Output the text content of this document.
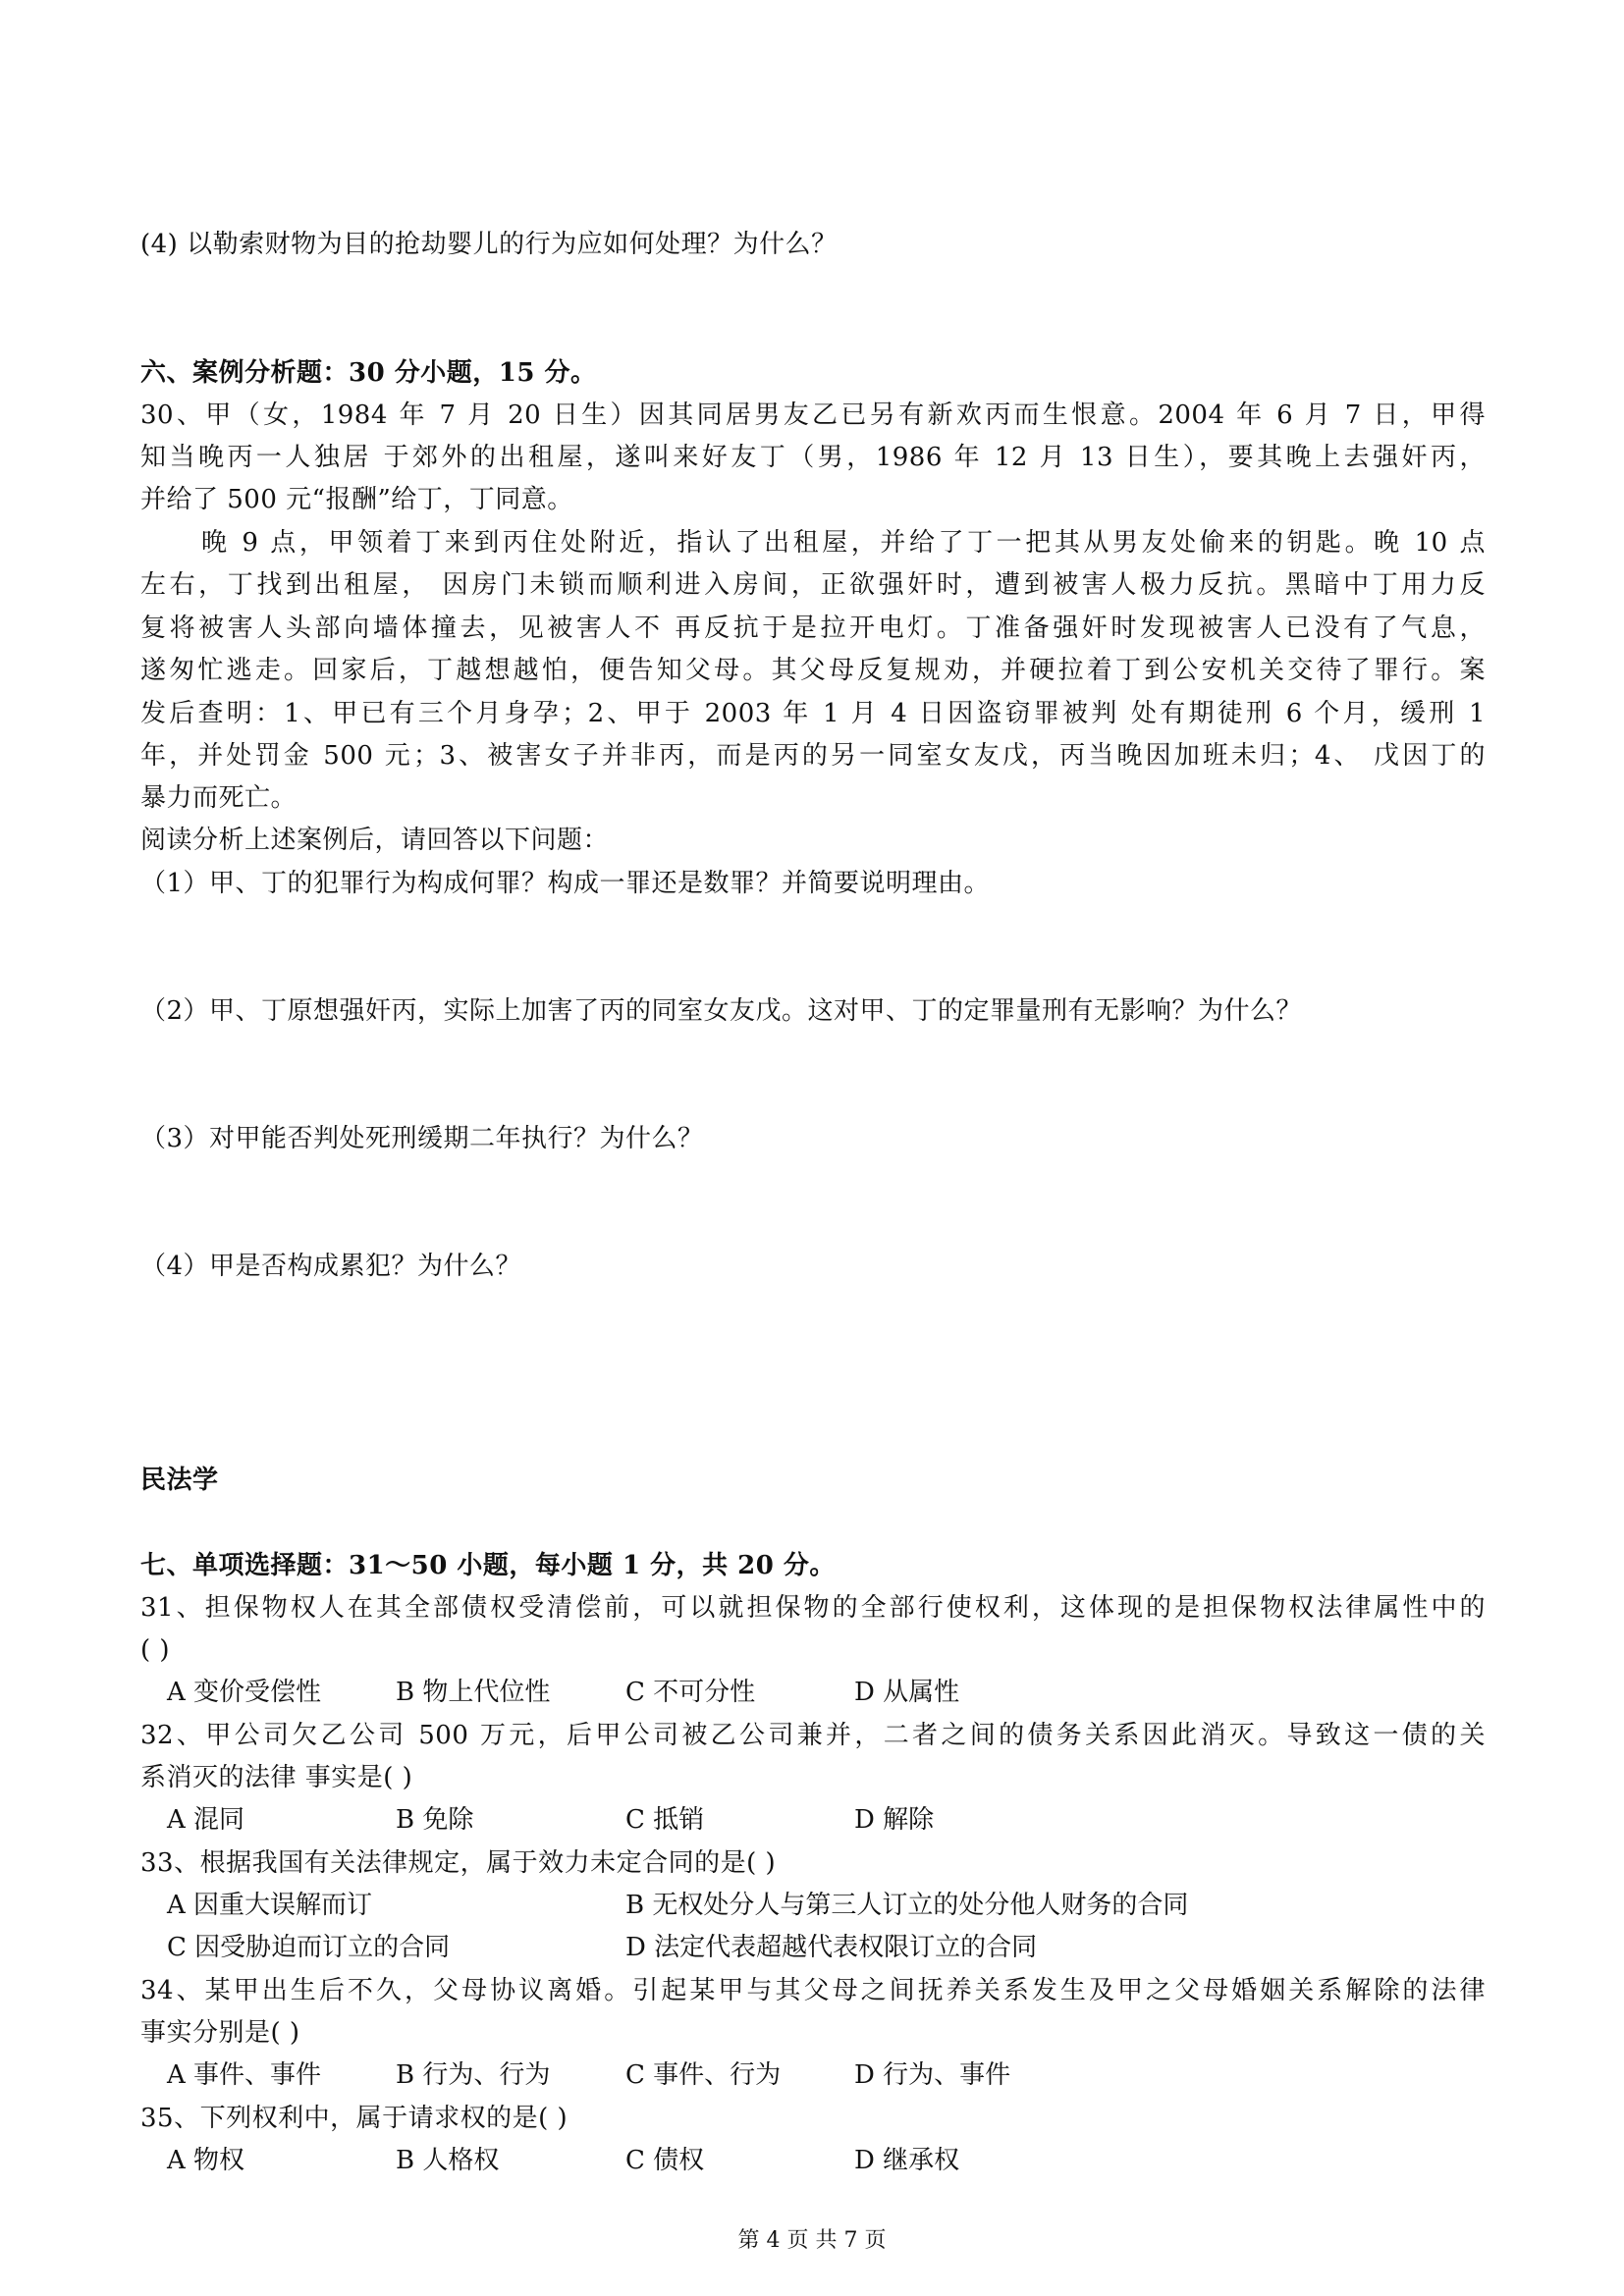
(4) 以勒索财物为目的抢劫婴儿的行为应如何处理？为什么？
六、案例分析题：30 分小题，15 分。
30、甲（女，1984 年 7 月 20 日生）因其同居男友乙已另有新欢丙而生恨意。2004 年 6 月 7 日，甲得
知当晚丙一人独居 于郊外的出租屋，遂叫来好友丁（男，1986 年 12 月 13 日生），要其晚上去强奸丙，
并给了 500 元“报酬”给丁，丁同意。
晚 9 点，甲领着丁来到丙住处附近，指认了出租屋，并给了丁一把其从男友处偷来的钥匙。晚 10 点
左右，丁找到出租屋， 因房门未锁而顺利进入房间，正欲强奸时，遭到被害人极力反抗。黑暗中丁用力反
复将被害人头部向墙体撞去，见被害人不 再反抗于是拉开电灯。丁准备强奸时发现被害人已没有了气息，
遂匆忙逃走。回家后，丁越想越怕，便告知父母。其父母反复规劝，并硬拉着丁到公安机关交待了罪行。案
发后查明：1、甲已有三个月身孕；2、甲于 2003 年 1 月 4 日因盗窃罪被判 处有期徒刑 6 个月，缓刑 1
年，并处罚金 500 元；3、被害女子并非丙，而是丙的另一同室女友戊，丙当晚因加班未归；4、 戊因丁的
暴力而死亡。
阅读分析上述案例后，请回答以下问题：
（1）甲、丁的犯罪行为构成何罪？构成一罪还是数罪？并简要说明理由。
（2）甲、丁原想强奸丙，实际上加害了丙的同室女友戊。这对甲、丁的定罪量刑有无影响？为什么？
（3）对甲能否判处死刑缓期二年执行？为什么？
（4）甲是否构成累犯？为什么？
民法学
七、单项选择题：31～50 小题，每小题 1 分，共 20 分。
31、担保物权人在其全部债权受清偿前，可以就担保物的全部行使权利，这体现的是担保物权法律属性中的
( )
A 变价受偿性	B 物上代位性	C 不可分性	D 从属性
32、甲公司欠乙公司 500 万元，后甲公司被乙公司兼并，二者之间的债务关系因此消灭。导致这一债的关
系消灭的法律 事实是( )
A 混同	B 免除	C 抵销	D 解除
33、根据我国有关法律规定，属于效力未定合同的是( )
A 因重大误解而订	B 无权处分人与第三人订立的处分他人财务的合同
C 因受胁迫而订立的合同	D 法定代表超越代表权限订立的合同
34、某甲出生后不久，父母协议离婚。引起某甲与其父母之间抚养关系发生及甲之父母婚姻关系解除的法律
事实分别是( )
A 事件、事件	B 行为、行为	C 事件、行为	D 行为、事件
35、下列权利中，属于请求权的是( )
A 物权	B 人格权	C 债权	D 继承权
第 4 页 共 7 页
